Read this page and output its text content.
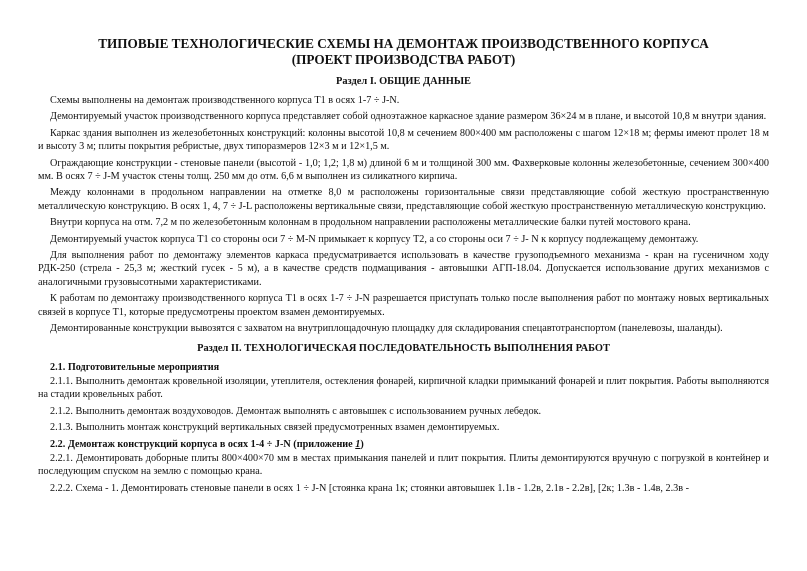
ТИПОВЫЕ ТЕХНОЛОГИЧЕСКИЕ СХЕМЫ НА ДЕМОНТАЖ ПРОИЗВОДСТВЕННОГО КОРПУСА
(ПРОЕКТ ПРОИЗВОДСТВА РАБОТ)
Раздел I. ОБЩИЕ ДАННЫЕ

Схемы выполнены на демонтаж производственного корпуса Т1 в осях 1-7 ÷ J-N.

Демонтируемый участок производственного корпуса представляет собой одноэтажное каркасное здание размером 36×24 м в плане, и высотой 10,8 м внутри здания.

Каркас здания выполнен из железобетонных конструкций: колонны высотой 10,8 м сечением 800×400 мм расположены с шагом 12×18 м; фермы имеют пролет 18 м и высоту 3 м; плиты покрытия ребристые, двух типоразмеров 12×3 м и 12×1,5 м.

Ограждающие конструкции - стеновые панели (высотой - 1,0; 1,2; 1,8 м) длиной 6 м и толщиной 300 мм. Фахверковые колонны железобетонные, сечением 300×400 мм. В осях 7 ÷ J-M участок стены толщ. 250 мм до отм. 6,6 м выполнен из силикатного кирпича.

Между колоннами в продольном направлении на отметке 8,0 м расположены горизонтальные связи представляющие собой жесткую пространственную металлическую конструкцию. В осях 1, 4, 7 ÷ J-L расположены вертикальные связи, представляющие собой жесткую пространственную металлическую конструкцию.

Внутри корпуса на отм. 7,2 м по железобетонным колоннам в продольном направлении расположены металлические балки путей мостового крана.

Демонтируемый участок корпуса Т1 со стороны оси 7 ÷ M-N примыкает к корпусу Т2, а со стороны оси 7 ÷ J- N к корпусу подлежащему демонтажу.

Для выполнения работ по демонтажу элементов каркаса предусматривается использовать в качестве грузоподъемного механизма - кран на гусеничном ходу РДК-250 (стрела - 25,3 м; жесткий гусек - 5 м), а в качестве средств подмащивания - автовышки АГП-18.04. Допускается использование других механизмов с аналогичными грузовысотными характеристиками.

К работам по демонтажу производственного корпуса Т1 в осях 1-7 ÷ J-N разрешается приступать только после выполнения работ по монтажу новых вертикальных связей в корпусе Т1, которые предусмотрены проектом взамен демонтируемых.

Демонтированные конструкции вывозятся с захватом на внутриплощадочную площадку для складирования спецавтотранспортом (панелевозы, шаланды).

Раздел II. ТЕХНОЛОГИЧЕСКАЯ ПОСЛЕДОВАТЕЛЬНОСТЬ ВЫПОЛНЕНИЯ РАБОТ
2.1. Подготовительные мероприятия

2.1.1. Выполнить демонтаж кровельной изоляции, утеплителя, остекления фонарей, кирпичной кладки примыканий фонарей и плит покрытия. Работы выполняются на стадии кровельных работ.

2.1.2. Выполнить демонтаж воздуховодов. Демонтаж выполнять с автовышек с использованием ручных лебедок.

2.1.3. Выполнить монтаж конструкций вертикальных связей предусмотренных взамен демонтируемых.

2.2. Демонтаж конструкций корпуса в осях 1-4 ÷ J-N (приложение 1)

2.2.1. Демонтировать доборные плиты 800×400×70 мм в местах примыкания панелей и плит покрытия. Плиты демонтируются вручную с погрузкой в контейнер и последующим спуском на землю с помощью крана.

2.2.2. Схема - 1. Демонтировать стеновые панели в осях 1 ÷ J-N [стоянка крана 1к; стоянки автовышек 1.1в - 1.2в, 2.1в - 2.2в], [2к; 1.3в - 1.4в, 2.3в -
